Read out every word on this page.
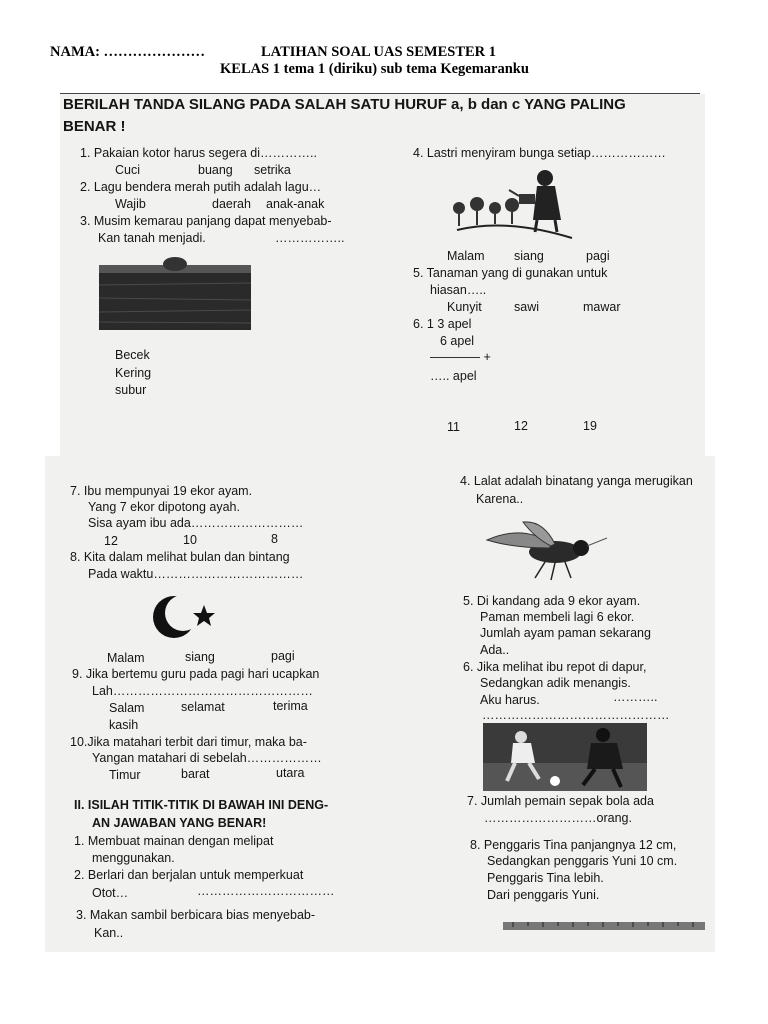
NAMA: …………………	LATIHAN SOAL UAS SEMESTER 1
KELAS 1 tema 1 (diriku) sub tema Kegemaranku
BERILAH TANDA SILANG PADA SALAH SATU HURUF a, b dan c YANG PALING
BENAR !
1. Pakaian kotor harus segera di…………..
Cuci	buang setrika
2. Lagu bendera merah putih adalah lagu…
Wajib	daerah anak-anak
3. Musim kemarau panjang dapat menyebab-
Kan tanah menjadi.	……………..
Becek
Kering
subur
4. Lastri menyiram bunga setiap………………
Malam siang	pagi
5. Tanaman yang di gunakan untuk
hiasan…..
Kunyit	sawi	mawar
6. 1 3 apel
6 apel
———— +
….. apel
11	12	19
7. Ibu mempunyai 19 ekor ayam.
Yang 7 ekor dipotong ayah.
Sisa ayam ibu ada………………………
12	10	8
8. Kita dalam melihat bulan dan bintang
Pada waktu………………………………
Malam	siang	pagi
9. Jika bertemu guru pada pagi hari ucapkan
Lah…………………………………………
Salam	selamat	terima
kasih
10.Jika matahari terbit dari timur, maka ba-
Yangan matahari di sebelah………………
Timur	barat	utara
II. ISILAH TITIK-TITIK DI BAWAH INI DENG-
AN JAWABAN YANG BENAR!
1. Membuat mainan dengan melipat
menggunakan.
2. Berlari dan berjalan untuk memperkuat
Otot…	……………………………
3. Makan sambil berbicara bias menyebab-
Kan..
4. Lalat adalah binatang yanga merugikan
Karena..
5. Di kandang ada 9 ekor ayam.
Paman membeli lagi 6 ekor.
Jumlah ayam paman sekarang
Ada..
6. Jika melihat ibu repot di dapur,
Sedangkan adik menangis.
Aku harus.	………..
………………………………………
7. Jumlah pemain sepak bola ada
………………………orang.
8. Penggaris Tina panjangnya 12 cm,
Sedangkan penggaris Yuni 10 cm.
Penggaris Tina lebih.
Dari penggaris Yuni.
